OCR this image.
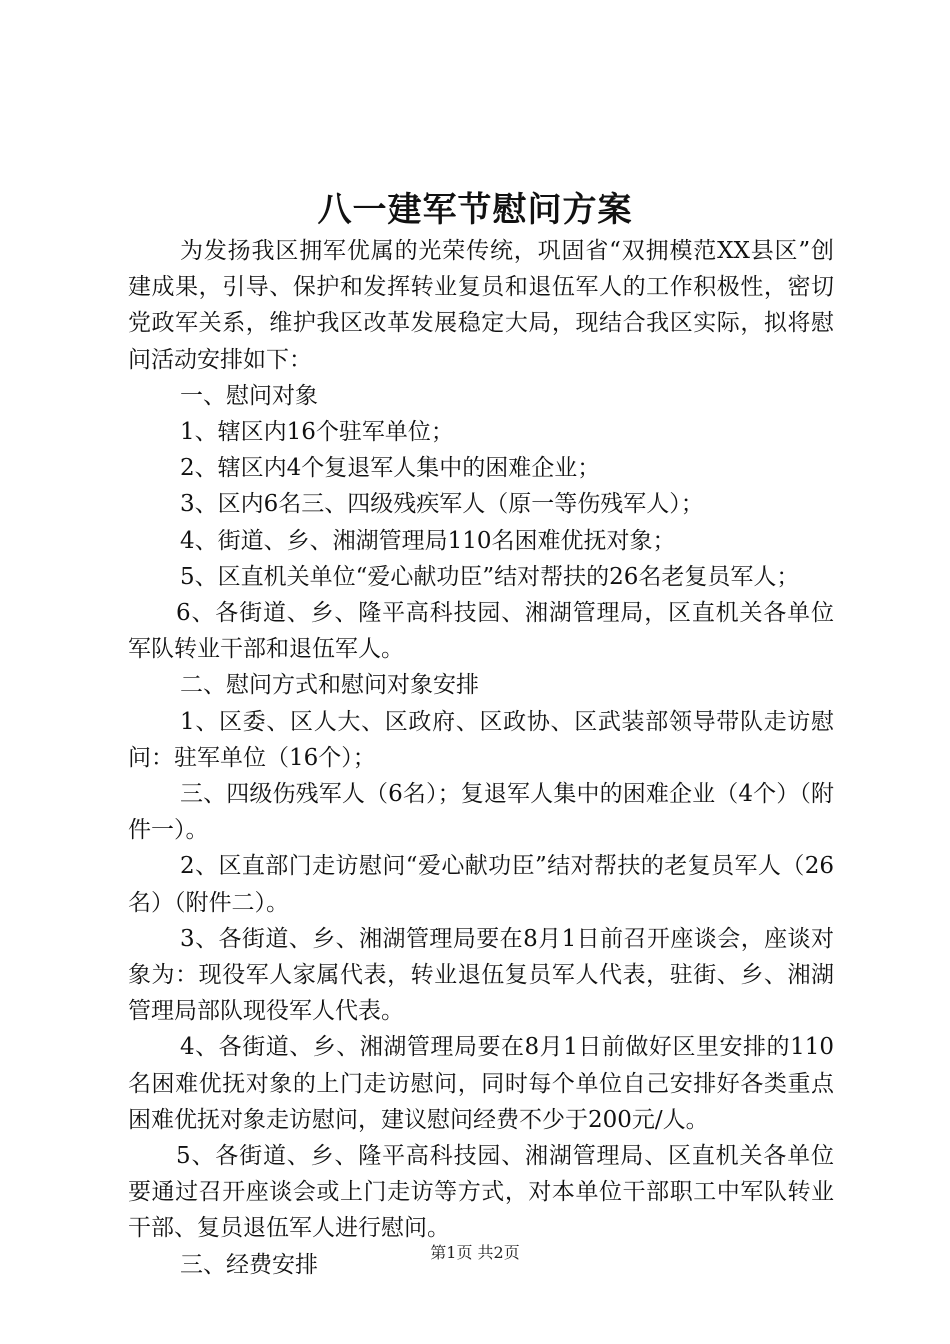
八一建军节慰问方案

为发扬我区拥军优属的光荣传统，巩固省“双拥模范XX县区”创建成果，引导、保护和发挥转业复员和退伍军人的工作积极性，密切党政军关系，维护我区改革发展稳定大局，现结合我区实际，拟将慰问活动安排如下：

一、慰问对象

1、辖区内16个驻军单位；

2、辖区内4个复退军人集中的困难企业；

3、区内6名三、四级残疾军人（原一等伤残军人）；

4、街道、乡、湘湖管理局110名困难优抚对象；

5、区直机关单位“爱心献功臣”结对帮扶的26名老复员军人；

6、各街道、乡、隆平高科技园、湘湖管理局，区直机关各单位军队转业干部和退伍军人。

二、慰问方式和慰问对象安排

1、区委、区人大、区政府、区政协、区武装部领导带队走访慰问：驻军单位（16个）；

三、四级伤残军人（6名）；复退军人集中的困难企业（4个）（附件一）。

2、区直部门走访慰问“爱心献功臣”结对帮扶的老复员军人（26名）（附件二）。

3、各街道、乡、湘湖管理局要在8月1日前召开座谈会，座谈对象为：现役军人家属代表，转业退伍复员军人代表，驻街、乡、湘湖管理局部队现役军人代表。

4、各街道、乡、湘湖管理局要在8月1日前做好区里安排的110名困难优抚对象的上门走访慰问，同时每个单位自己安排好各类重点困难优抚对象走访慰问，建议慰问经费不少于200元/人。

5、各街道、乡、隆平高科技园、湘湖管理局、区直机关各单位要通过召开座谈会或上门走访等方式，对本单位干部职工中军队转业干部、复员退伍军人进行慰问。

三、经费安排	第1页 共2页
